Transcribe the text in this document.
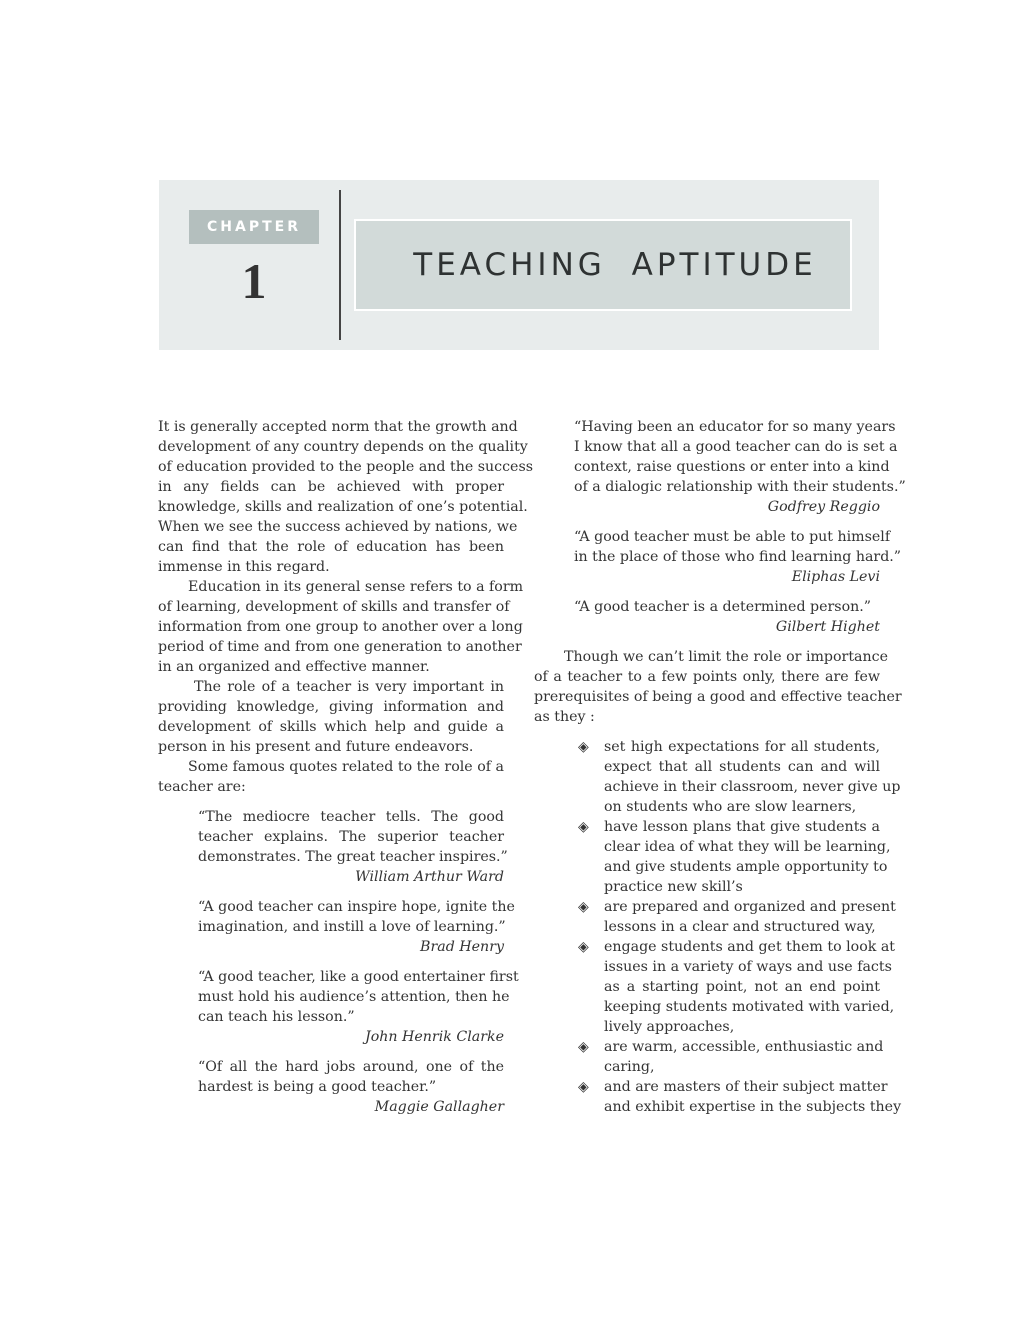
CHAPTER
1	TEACHING APTITUDE
It is generally accepted norm that the growth and
development of any country depends on the quality
of education provided to the people and the success
in any fields can be achieved with proper
knowledge, skills and realization of one’s potential.
When we see the success achieved by nations, we
can find that the role of education has been
immense in this regard.
Education in its general sense refers to a form
of learning, development of skills and transfer of
information from one group to another over a long
period of time and from one generation to another
in an organized and effective manner.
The role of a teacher is very important in
providing knowledge, giving information and
development of skills which help and guide a
person in his present and future endeavors.
Some famous quotes related to the role of a
teacher are:
“The mediocre teacher tells. The good
teacher explains. The superior teacher
demonstrates. The great teacher inspires.”
William Arthur Ward
“A good teacher can inspire hope, ignite the
imagination, and instill a love of learning.”
Brad Henry
“A good teacher, like a good entertainer first
must hold his audience’s attention, then he
can teach his lesson.”
John Henrik Clarke
“Of all the hard jobs around, one of the
hardest is being a good teacher.”
Maggie Gallagher
“Having been an educator for so many years
I know that all a good teacher can do is set a
context, raise questions or enter into a kind
of a dialogic relationship with their students.”
Godfrey Reggio
“A good teacher must be able to put himself
in the place of those who find learning hard.”
Eliphas Levi
“A good teacher is a determined person.”
Gilbert Highet
Though we can’t limit the role or importance
of a teacher to a few points only, there are few
prerequisites of being a good and effective teacher
as they :
◈ set high expectations for all students,
expect that all students can and will
achieve in their classroom, never give up
on students who are slow learners,
◈ have lesson plans that give students a
clear idea of what they will be learning,
and give students ample opportunity to
practice new skill’s
◈ are prepared and organized and present
lessons in a clear and structured way,
◈ engage students and get them to look at
issues in a variety of ways and use facts
as a starting point, not an end point
keeping students motivated with varied,
lively approaches,
◈ are warm, accessible, enthusiastic and
caring,
◈ and are masters of their subject matter
and exhibit expertise in the subjects they
